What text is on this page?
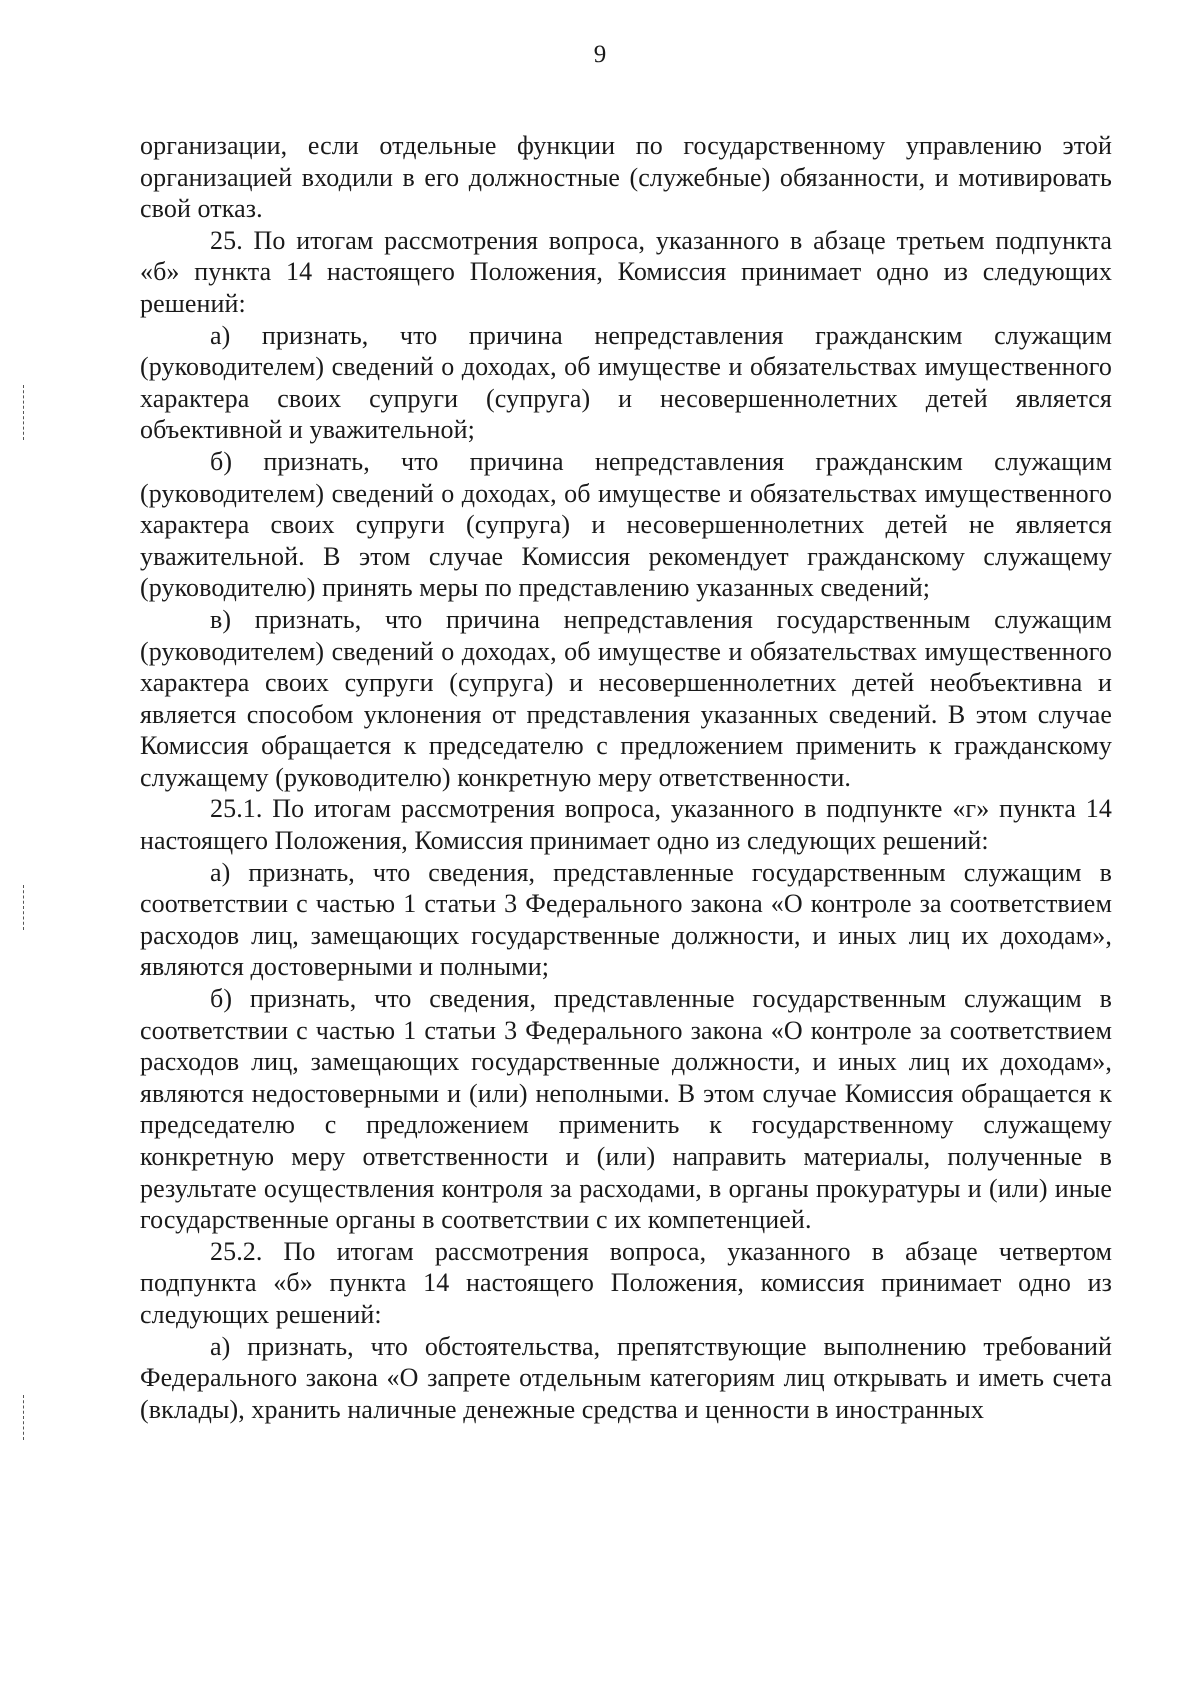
9

организации, если отдельные функции по государственному управлению этой организацией входили в его должностные (служебные) обязанности, и мотивировать свой отказ.

25. По итогам рассмотрения вопроса, указанного в абзаце третьем подпункта «б» пункта 14 настоящего Положения, Комиссия принимает одно из следующих решений:

а) признать, что причина непредставления гражданским служащим (руководителем) сведений о доходах, об имуществе и обязательствах имущественного характера своих супруги (супруга) и несовершеннолетних детей является объективной и уважительной;

б) признать, что причина непредставления гражданским служащим (руководителем) сведений о доходах, об имуществе и обязательствах имущественного характера своих супруги (супруга) и несовершеннолетних детей не является уважительной. В этом случае Комиссия рекомендует гражданскому служащему (руководителю) принять меры по представлению указанных сведений;

в) признать, что причина непредставления государственным служащим (руководителем) сведений о доходах, об имуществе и обязательствах имущественного характера своих супруги (супруга) и несовершеннолетних детей необъективна и является способом уклонения от представления указанных сведений. В этом случае Комиссия обращается к председателю с предложением применить к гражданскому служащему (руководителю) конкретную меру ответственности.

25.1. По итогам рассмотрения вопроса, указанного в подпункте «г» пункта 14 настоящего Положения, Комиссия принимает одно из следующих решений:

а) признать, что сведения, представленные государственным служащим в соответствии с частью 1 статьи 3 Федерального закона «О контроле за соответствием расходов лиц, замещающих государственные должности, и иных лиц их доходам», являются достоверными и полными;

б) признать, что сведения, представленные государственным служащим в соответствии с частью 1 статьи 3 Федерального закона «О контроле за соответствием расходов лиц, замещающих государственные должности, и иных лиц их доходам», являются недостоверными и (или) неполными. В этом случае Комиссия обращается к председателю с предложением применить к государственному служащему конкретную меру ответственности и (или) направить материалы, полученные в результате осуществления контроля за расходами, в органы прокуратуры и (или) иные государственные органы в соответствии с их компетенцией.

25.2. По итогам рассмотрения вопроса, указанного в абзаце четвертом подпункта «б» пункта 14 настоящего Положения, комиссия принимает одно из следующих решений:

а) признать, что обстоятельства, препятствующие выполнению требований Федерального закона «О запрете отдельным категориям лиц открывать и иметь счета (вклады), хранить наличные денежные средства и ценности в иностранных
